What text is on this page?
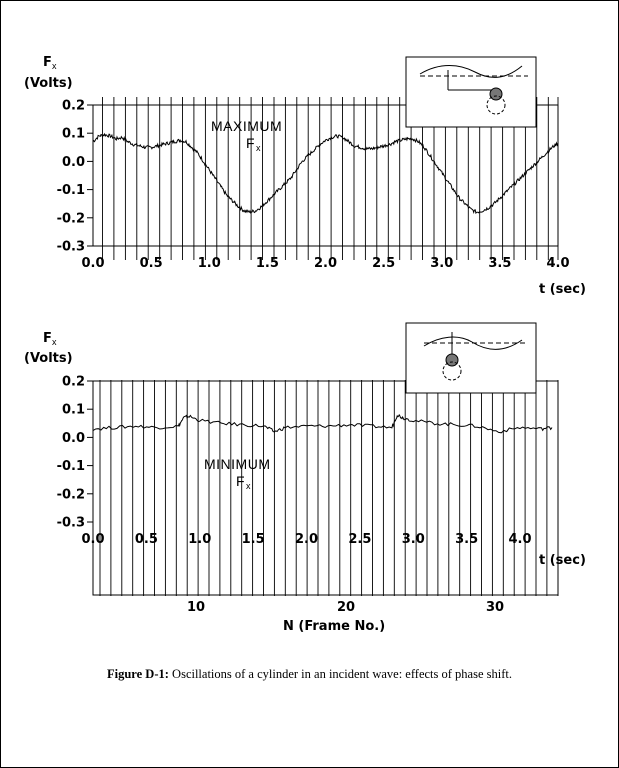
0.2
0.1
0.0
-0.1
-0.2
-0.3
0.0	0.5	1.0	1.5	2.0	2.5	3.0	3.5	4.0
F x
(Volts)
t (sec)
MAXIMUM
F x
0.2
0.1
0.0
-0.1
-0.2
-0.3
0.0 0.5 1.0 1.5 2.0 2.5 3.0 3.5 4.0
10	20	30
F x
(Volts)
t (sec)
N (Frame No.)
MINIMUM
F x
Figure D-1: Oscillations of a cylinder in an incident wave: effects of phase shift.
